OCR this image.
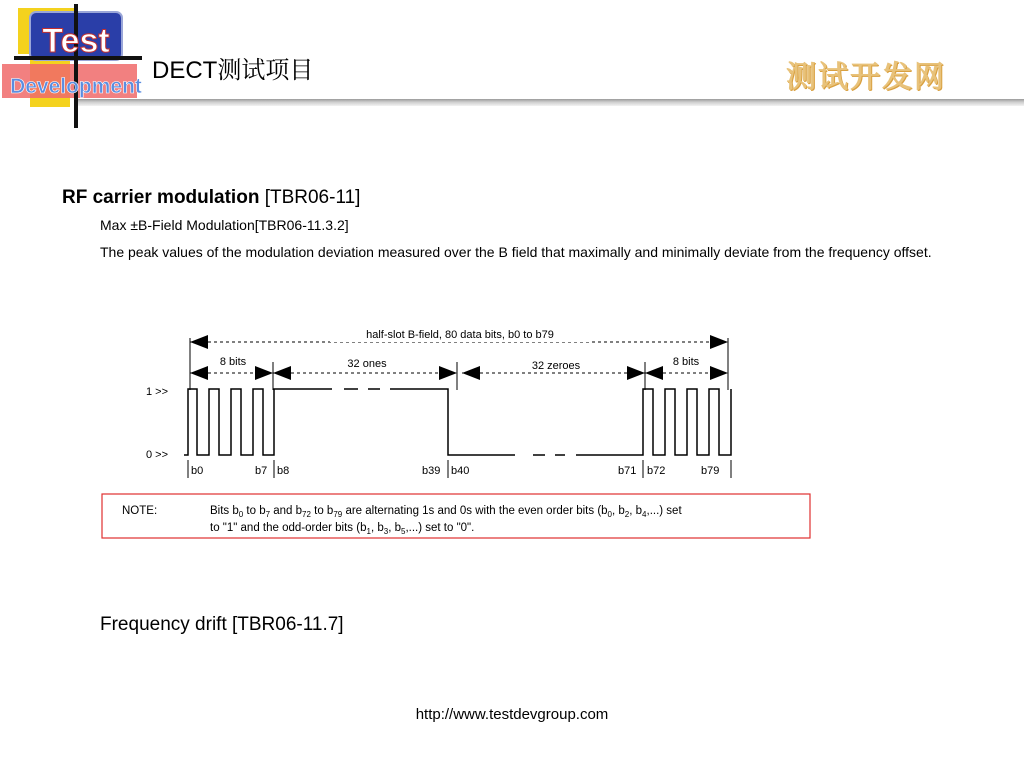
Test
Development
DECT测试项目	测试开发网
RF carrier modulation [TBR06-11]
Max ±B-Field Modulation[TBR06-11.3.2]
The peak values of the modulation deviation measured over the B field that maximally and minimally deviate from the frequency offset.
half-slot B-field, 80 data bits, b0 to b79
8 bits	32 ones	32 zeroes	8 bits
1 >>
0 >>
b0	b7 b8	b39 b40	b71 b72	b79
NOTE:	Bits $b_0$ to $b_7$ and $b_{72}$ to $b_{79}$ are alternating 1s and 0s with the even order bits ($b_0$, $b_2$, $b_4$,...) set
to "1" and the odd-order bits ($b_1$, $b_3$, $b_5$,...) set to "0".
Frequency drift [TBR06-11.7]
http://www.testdevgroup.com
